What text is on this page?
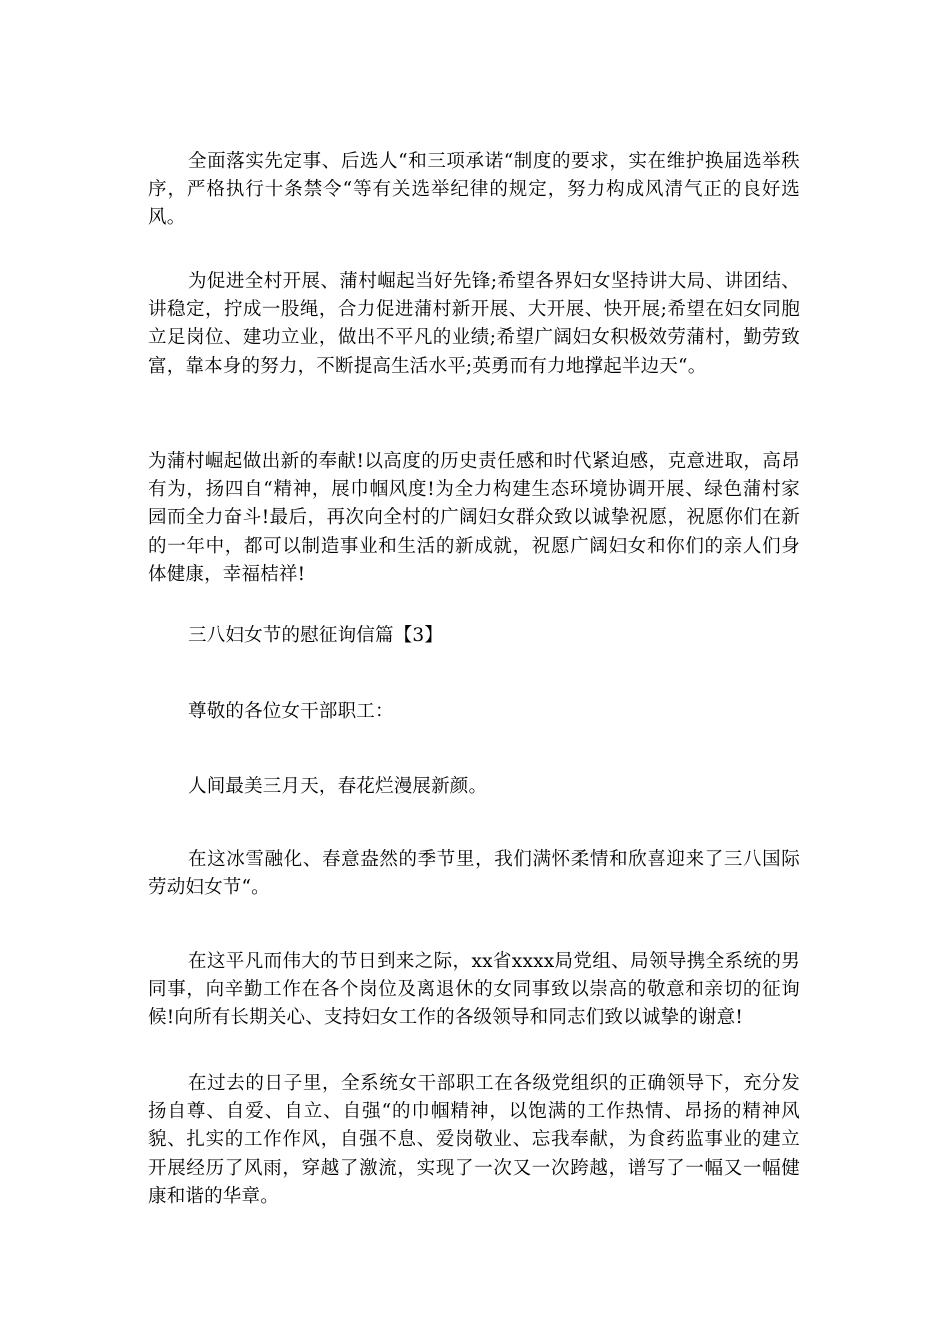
全面落实先定事、后选人“和三项承诺“制度的要求，实在维护换届选举秩序，严格执行十条禁令“等有关选举纪律的规定，努力构成风清气正的良好选风。

为促进全村开展、蒲村崛起当好先锋;希望各界妇女坚持讲大局、讲团结、讲稳定，拧成一股绳，合力促进蒲村新开展、大开展、快开展;希望在妇女同胞立足岗位、建功立业，做出不平凡的业绩;希望广阔妇女积极效劳蒲村，勤劳致富，靠本身的努力，不断提高生活水平;英勇而有力地撑起半边天“。

为蒲村崛起做出新的奉献!以高度的历史责任感和时代紧迫感，克意进取，高昂有为，扬四自“精神，展巾帼风度!为全力构建生态环境协调开展、绿色蒲村家园而全力奋斗!最后，再次向全村的广阔妇女群众致以诚挚祝愿，祝愿你们在新的一年中，都可以制造事业和生活的新成就，祝愿广阔妇女和你们的亲人们身体健康，幸福桔祥!

三八妇女节的慰征询信篇【3】

尊敬的各位女干部职工：

人间最美三月天，春花烂漫展新颜。

在这冰雪融化、春意盎然的季节里，我们满怀柔情和欣喜迎来了三八国际劳动妇女节“。

在这平凡而伟大的节日到来之际，xx省xxxx局党组、局领导携全系统的男同事，向辛勤工作在各个岗位及离退休的女同事致以崇高的敬意和亲切的征询候!向所有长期关心、支持妇女工作的各级领导和同志们致以诚挚的谢意!

在过去的日子里，全系统女干部职工在各级党组织的正确领导下，充分发扬自尊、自爱、自立、自强“的巾帼精神，以饱满的工作热情、昂扬的精神风貌、扎实的工作作风，自强不息、爱岗敬业、忘我奉献，为食药监事业的建立开展经历了风雨，穿越了激流，实现了一次又一次跨越，谱写了一幅又一幅健康和谐的华章。
